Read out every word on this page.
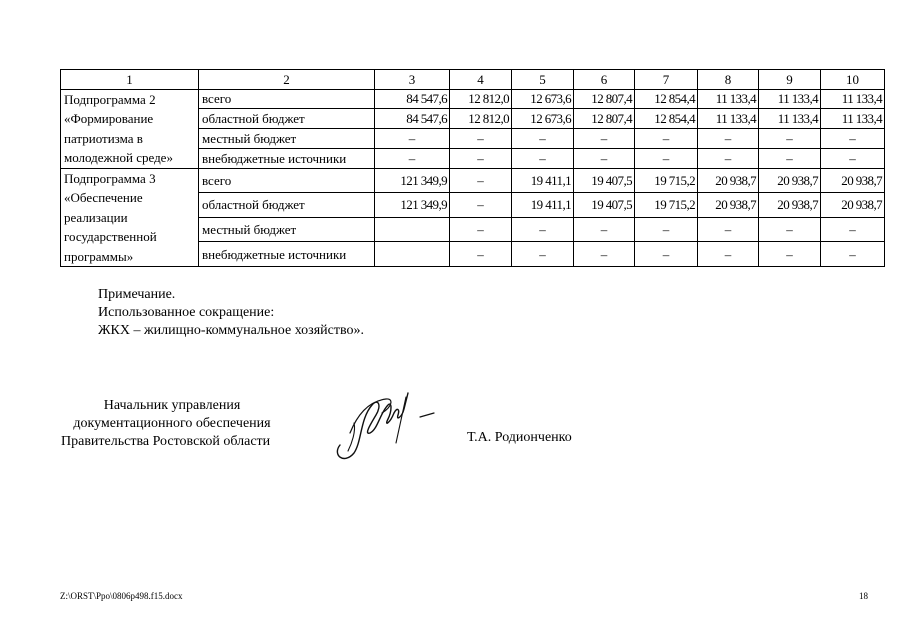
1	2	3	4	5	6	7	8	9	10

Подпрограмма 2
«Формирование
патриотизма в
молодежной среде»	всего	84 547,6	12 812,0	12 673,6	12 807,4	12 854,4	11 133,4	11 133,4	11 133,4
	областной бюджет	84 547,6	12 812,0	12 673,6	12 807,4	12 854,4	11 133,4	11 133,4	11 133,4
	местный бюджет	–	–	–	–	–	–	–	–
	внебюджетные источники	–	–	–	–	–	–	–	–

Подпрограмма 3
«Обеспечение
реализации
государственной
программы»	всего	121 349,9	–	19 411,1	19 407,5	19 715,2	20 938,7	20 938,7	20 938,7
	областной бюджет	121 349,9	–	19 411,1	19 407,5	19 715,2	20 938,7	20 938,7	20 938,7
	местный бюджет		–	–	–	–	–	–	–
	внебюджетные источники		–	–	–	–	–	–	–
Примечание.
Использованное сокращение:
ЖКХ – жилищно-коммунальное хозяйство».
Начальник управления
документационного обеспечения
Правительства Ростовской области	Т.А. Родионченко
Z:\ORST\Ppo\0806p498.f15.docx	18
